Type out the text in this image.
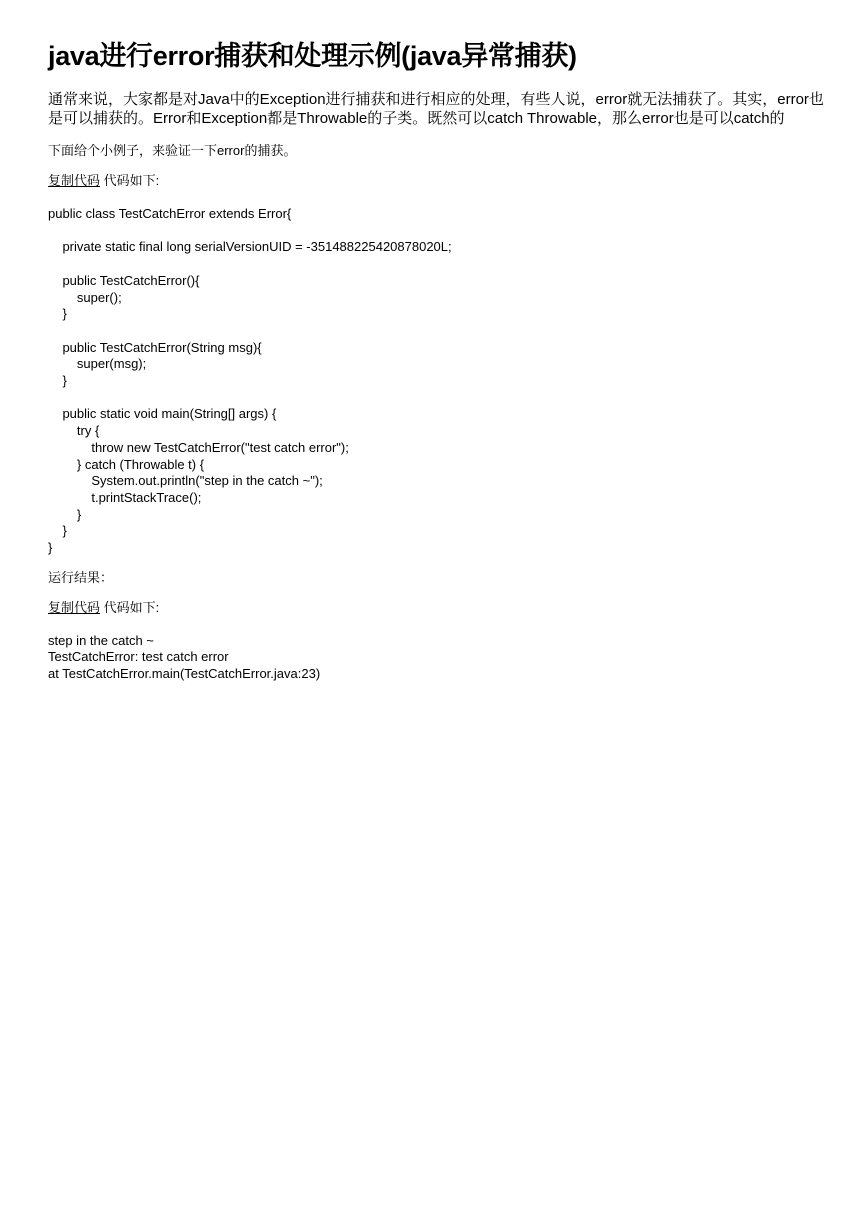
java进行error捕获和处理示例(java异常捕获)

通常来说，大家都是对Java中的Exception进行捕获和进行相应的处理，有些人说，error就无法捕获了。其实，error也是可以捕获的。Error和Exception都是Throwable的子类。既然可以catch Throwable，那么error也是可以catch的

下面给个小例子，来验证一下error的捕获。

复制代码 代码如下:

public class TestCatchError extends Error{

private static final long serialVersionUID = -351488225420878020L;

public TestCatchError(){
super();
}

public TestCatchError(String msg){
super(msg);
}

public static void main(String[] args) {
try {
throw new TestCatchError("test catch error");
} catch (Throwable t) {
System.out.println("step in the catch ~");
t.printStackTrace();
}
}
}

运行结果：

复制代码 代码如下:

step in the catch ~
TestCatchError: test catch error
at TestCatchError.main(TestCatchError.java:23)
